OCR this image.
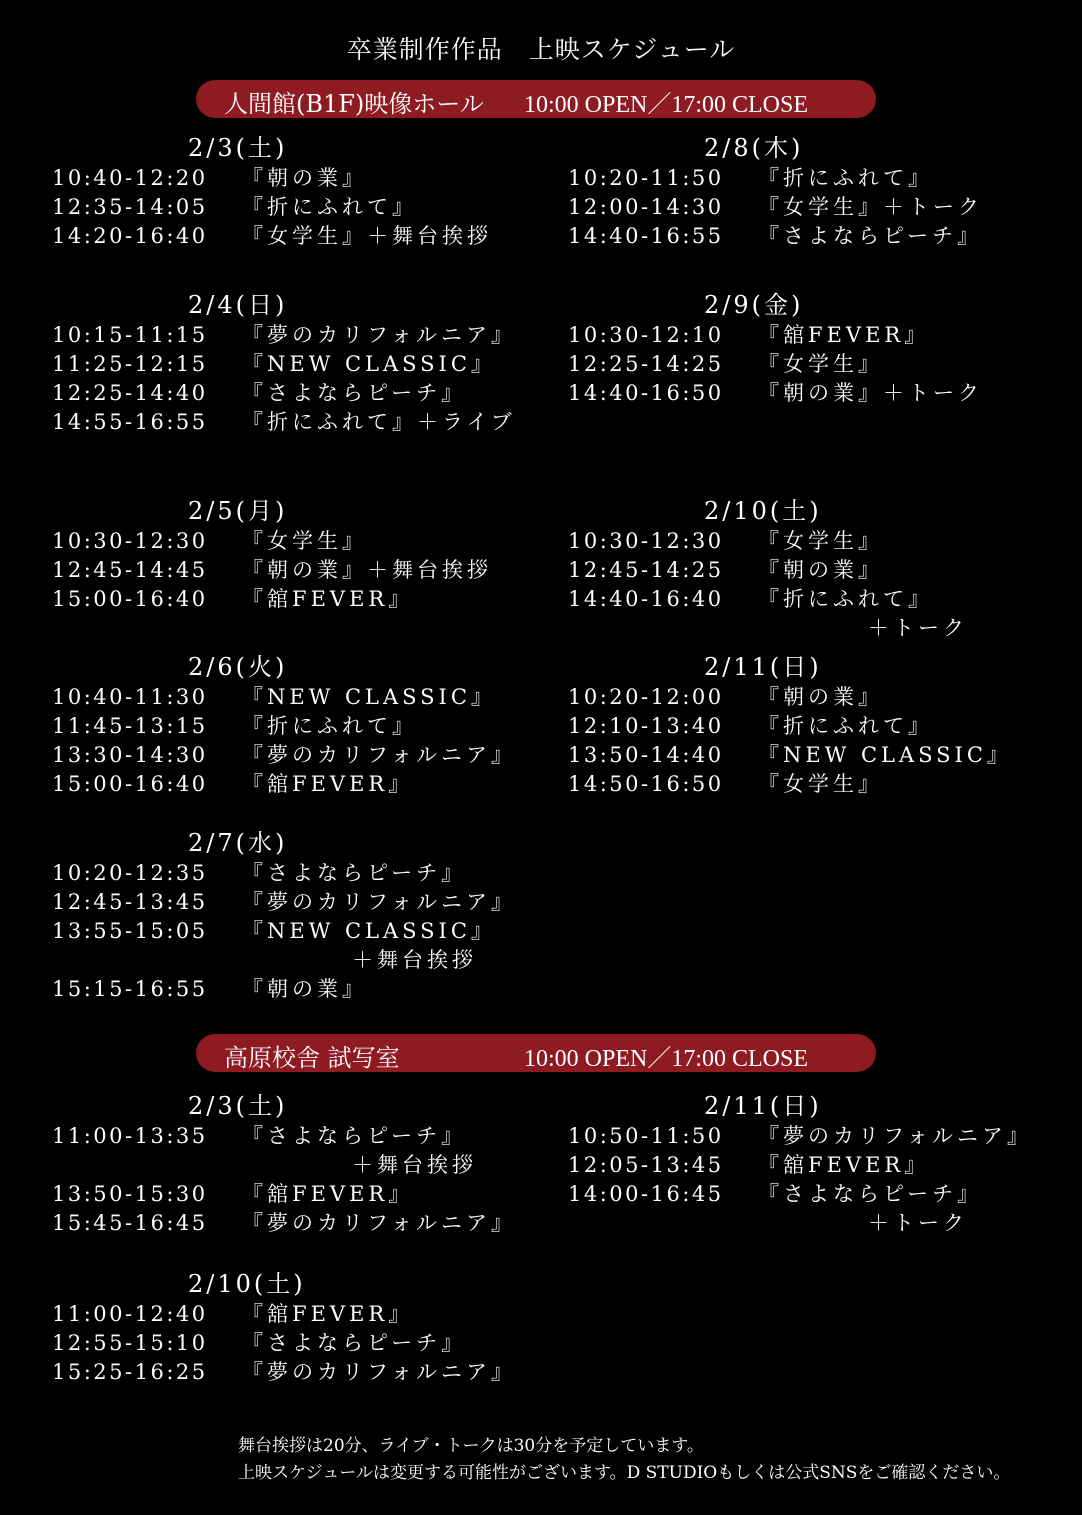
卒業制作作品　上映スケジュール
人間館(B1F)映像ホール 10:00 OPEN／17:00 CLOSE
高原校舎 試写室	10:00 OPEN／17:00 CLOSE
2/3(土)
10:40-12:20 『朝の業』
12:35-14:05 『折にふれて』
14:20-16:40 『女学生』＋舞台挨拶
2/8(木)
10:20-11:50 『折にふれて』
12:00-14:30 『女学生』＋トーク
14:40-16:55 『さよならピーチ』
2/4(日)
10:15-11:15 『夢のカリフォルニア』
11:25-12:15 『NEW CLASSIC』
12:25-14:40 『さよならピーチ』
14:55-16:55 『折にふれて』＋ライブ
2/9(金)
10:30-12:10 『舘FEVER』
12:25-14:25 『女学生』
14:40-16:50 『朝の業』＋トーク
2/5(月)
10:30-12:30 『女学生』
12:45-14:45 『朝の業』＋舞台挨拶
15:00-16:40 『舘FEVER』
2/10(土)
10:30-12:30 『女学生』
12:45-14:25 『朝の業』
14:40-16:40 『折にふれて』
＋トーク
2/6(火)
10:40-11:30 『NEW CLASSIC』
11:45-13:15 『折にふれて』
13:30-14:30 『夢のカリフォルニア』
15:00-16:40 『舘FEVER』
2/11(日)
10:20-12:00 『朝の業』
12:10-13:40 『折にふれて』
13:50-14:40 『NEW CLASSIC』
14:50-16:50 『女学生』
2/7(水)
10:20-12:35 『さよならピーチ』
12:45-13:45 『夢のカリフォルニア』
13:55-15:05 『NEW CLASSIC』
＋舞台挨拶
15:15-16:55 『朝の業』
2/3(土)
11:00-13:35 『さよならピーチ』
＋舞台挨拶
13:50-15:30 『舘FEVER』
15:45-16:45 『夢のカリフォルニア』
2/11(日)
10:50-11:50 『夢のカリフォルニア』
12:05-13:45 『舘FEVER』
14:00-16:45 『さよならピーチ』
＋トーク
2/10(土)
11:00-12:40 『舘FEVER』
12:55-15:10 『さよならピーチ』
15:25-16:25 『夢のカリフォルニア』
舞台挨拶は20分、ライブ・トークは30分を予定しています。
上映スケジュールは変更する可能性がございます。D STUDIOもしくは公式SNSをご確認ください。
